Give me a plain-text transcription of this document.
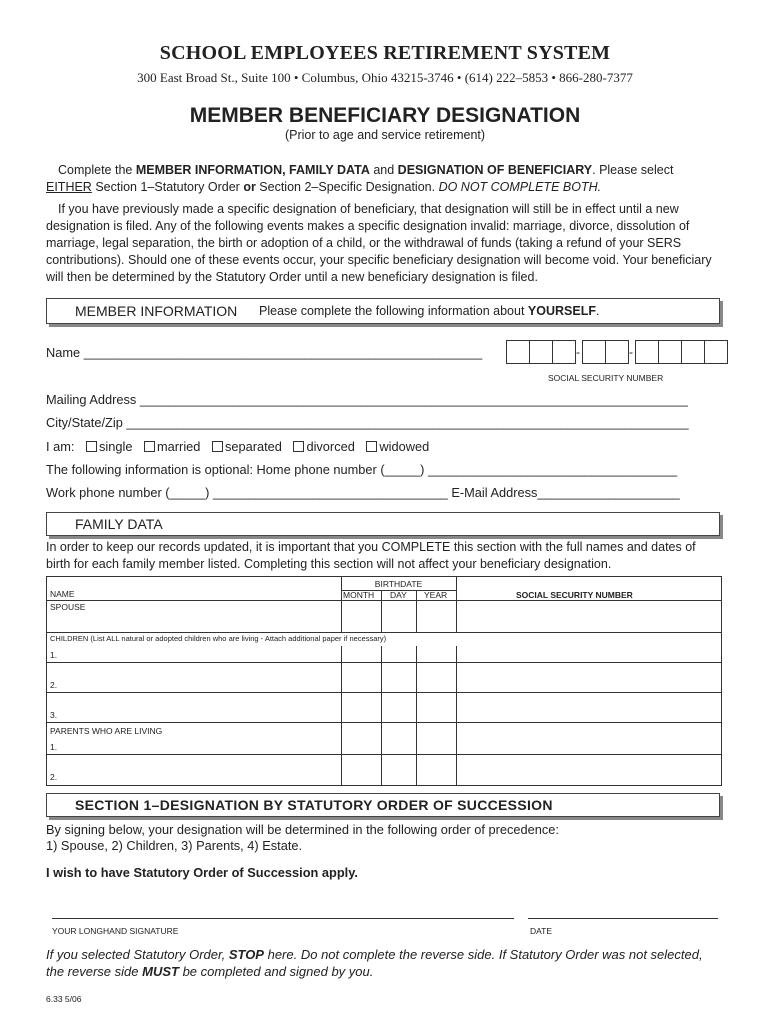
SCHOOL EMPLOYEES RETIREMENT SYSTEM
300 East Broad St., Suite 100 • Columbus, Ohio 43215-3746 • (614) 222–5853 • 866-280-7377
MEMBER BENEFICIARY DESIGNATION
(Prior to age and service retirement)
Complete the MEMBER INFORMATION, FAMILY DATA and DESIGNATION OF BENEFICIARY. Please select
EITHER Section 1–Statutory Order or Section 2–Specific Designation. DO NOT COMPLETE BOTH.
If you have previously made a specific designation of beneficiary, that designation will still be in effect until a new designation is filed. Any of the following events makes a specific designation invalid: marriage, divorce, dissolution of marriage, legal separation, the birth or adoption of a child, or the withdrawal of funds (taking a refund of your SERS contributions). Should one of these events occur, your specific beneficiary designation will become void. Your beneficiary will then be determined by the Statutory Order until a new beneficiary designation is filed.
MEMBER INFORMATION Please complete the following information about YOURSELF.
Name ________________________________________________________	-	-
SOCIAL SECURITY NUMBER
Mailing Address _____________________________________________________________________________
City/State/Zip _______________________________________________________________________________
I am: single married separated divorced widowed
The following information is optional: Home phone number (_____) ___________________________________
Work phone number (_____) _________________________________ E-Mail Address____________________
FAMILY DATA
In order to keep our records updated, it is important that you COMPLETE this section with the full names and dates of birth for each family member listed. Completing this section will not affect your beneficiary designation.
NAME
BIRTHDATE
MONTH DAY YEAR	SOCIAL SECURITY NUMBER
SPOUSE
CHILDREN (List ALL natural or adopted children who are living - Attach additional paper if necessary)
1.
2.
3.
PARENTS WHO ARE LIVING
1.
2.
SECTION 1–DESIGNATION BY STATUTORY ORDER OF SUCCESSION
By signing below, your designation will be determined in the following order of precedence:
1) Spouse, 2) Children, 3) Parents, 4) Estate.
I wish to have Statutory Order of Succession apply.
YOUR LONGHAND SIGNATURE	DATE
If you selected Statutory Order, STOP here. Do not complete the reverse side. If Statutory Order was not selected,
the reverse side MUST be completed and signed by you.
6.33 5/06
